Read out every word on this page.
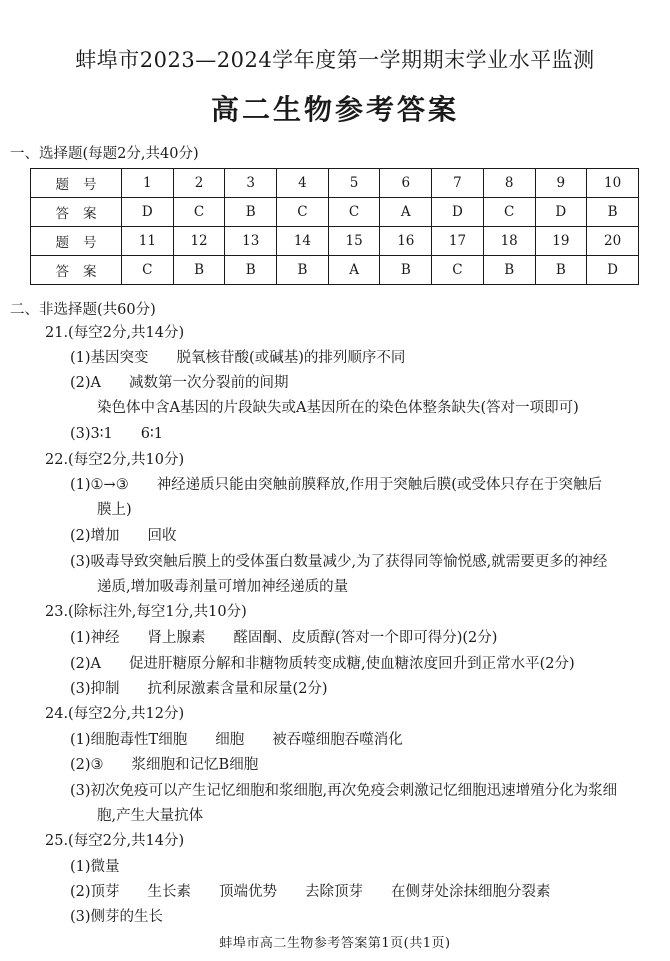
蚌埠市2023—2024学年度第一学期期末学业水平监测
高二生物参考答案
一、选择题(每题2分,共40分)
题号	1	2	3	4	5	6	7	8	9	10
答案	D	C	B	C	C	A	D	C	D	B
题号	11	12	13	14	15	16	17	18	19	20
答案	C	B	B	B	A	B	C	B	B	D
二、非选择题(共60分)
21.(每空2分,共14分)
(1)基因突变 脱氧核苷酸(或碱基)的排列顺序不同
(2)A 减数第一次分裂前的间期
染色体中含A基因的片段缺失或A基因所在的染色体整条缺失(答对一项即可)
(3)3∶1 6∶1
22.(每空2分,共10分)
(1)①→③ 神经递质只能由突触前膜释放,作用于突触后膜(或受体只存在于突触后
膜上)
(2)增加 回收
(3)吸毒导致突触后膜上的受体蛋白数量减少,为了获得同等愉悦感,就需要更多的神经
递质,增加吸毒剂量可增加神经递质的量
23.(除标注外,每空1分,共10分)
(1)神经 肾上腺素 醛固酮、皮质醇(答对一个即可得分)(2分)
(2)A 促进肝糖原分解和非糖物质转变成糖,使血糖浓度回升到正常水平(2分)
(3)抑制 抗利尿激素含量和尿量(2分)
24.(每空2分,共12分)
(1)细胞毒性T细胞 细胞 被吞噬细胞吞噬消化
(2)③ 浆细胞和记忆B细胞
(3)初次免疫可以产生记忆细胞和浆细胞,再次免疫会刺激记忆细胞迅速增殖分化为浆细
胞,产生大量抗体
25.(每空2分,共14分)
(1)微量
(2)顶芽 生长素 顶端优势 去除顶芽 在侧芽处涂抹细胞分裂素
(3)侧芽的生长
蚌埠市高二生物参考答案第1页(共1页)
